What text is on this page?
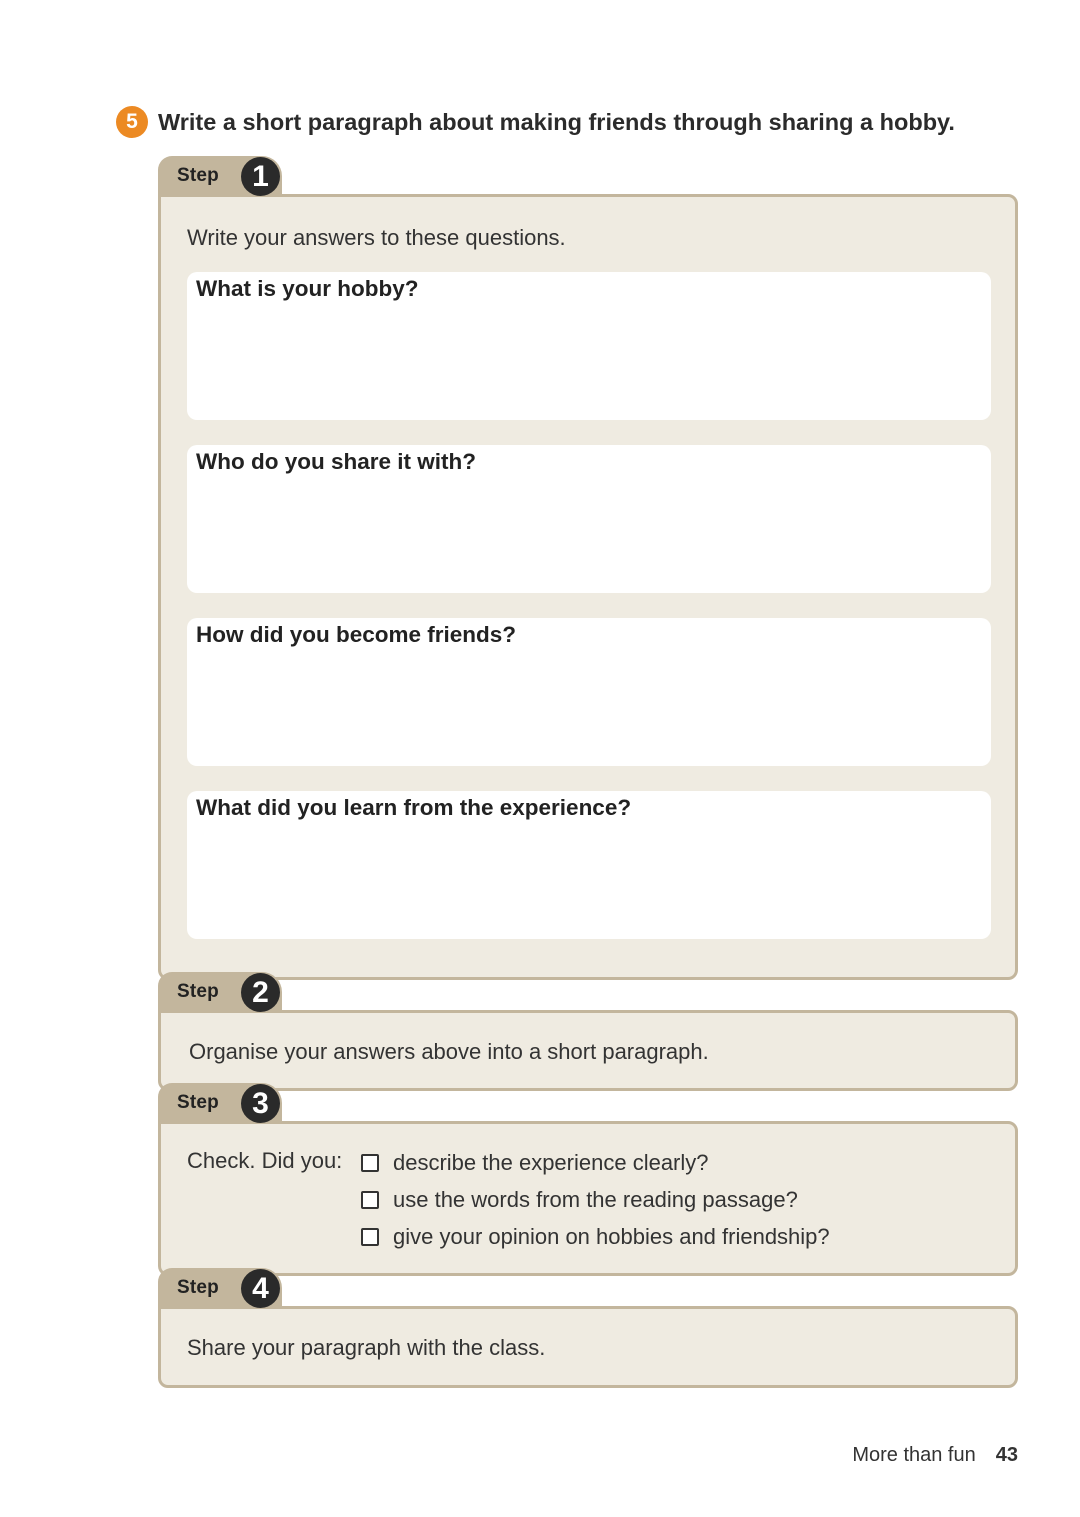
5 Write a short paragraph about making friends through sharing a hobby.
Step	1
Write your answers to these questions.
What is your hobby?
Who do you share it with?
How did you become friends?
What did you learn from the experience?
Step	2
Organise your answers above into a short paragraph.
Step	3
Check. Did you: describe the experience clearly?
use the words from the reading passage?
give your opinion on hobbies and friendship?
Step	4
Share your paragraph with the class.
More than fun 43
